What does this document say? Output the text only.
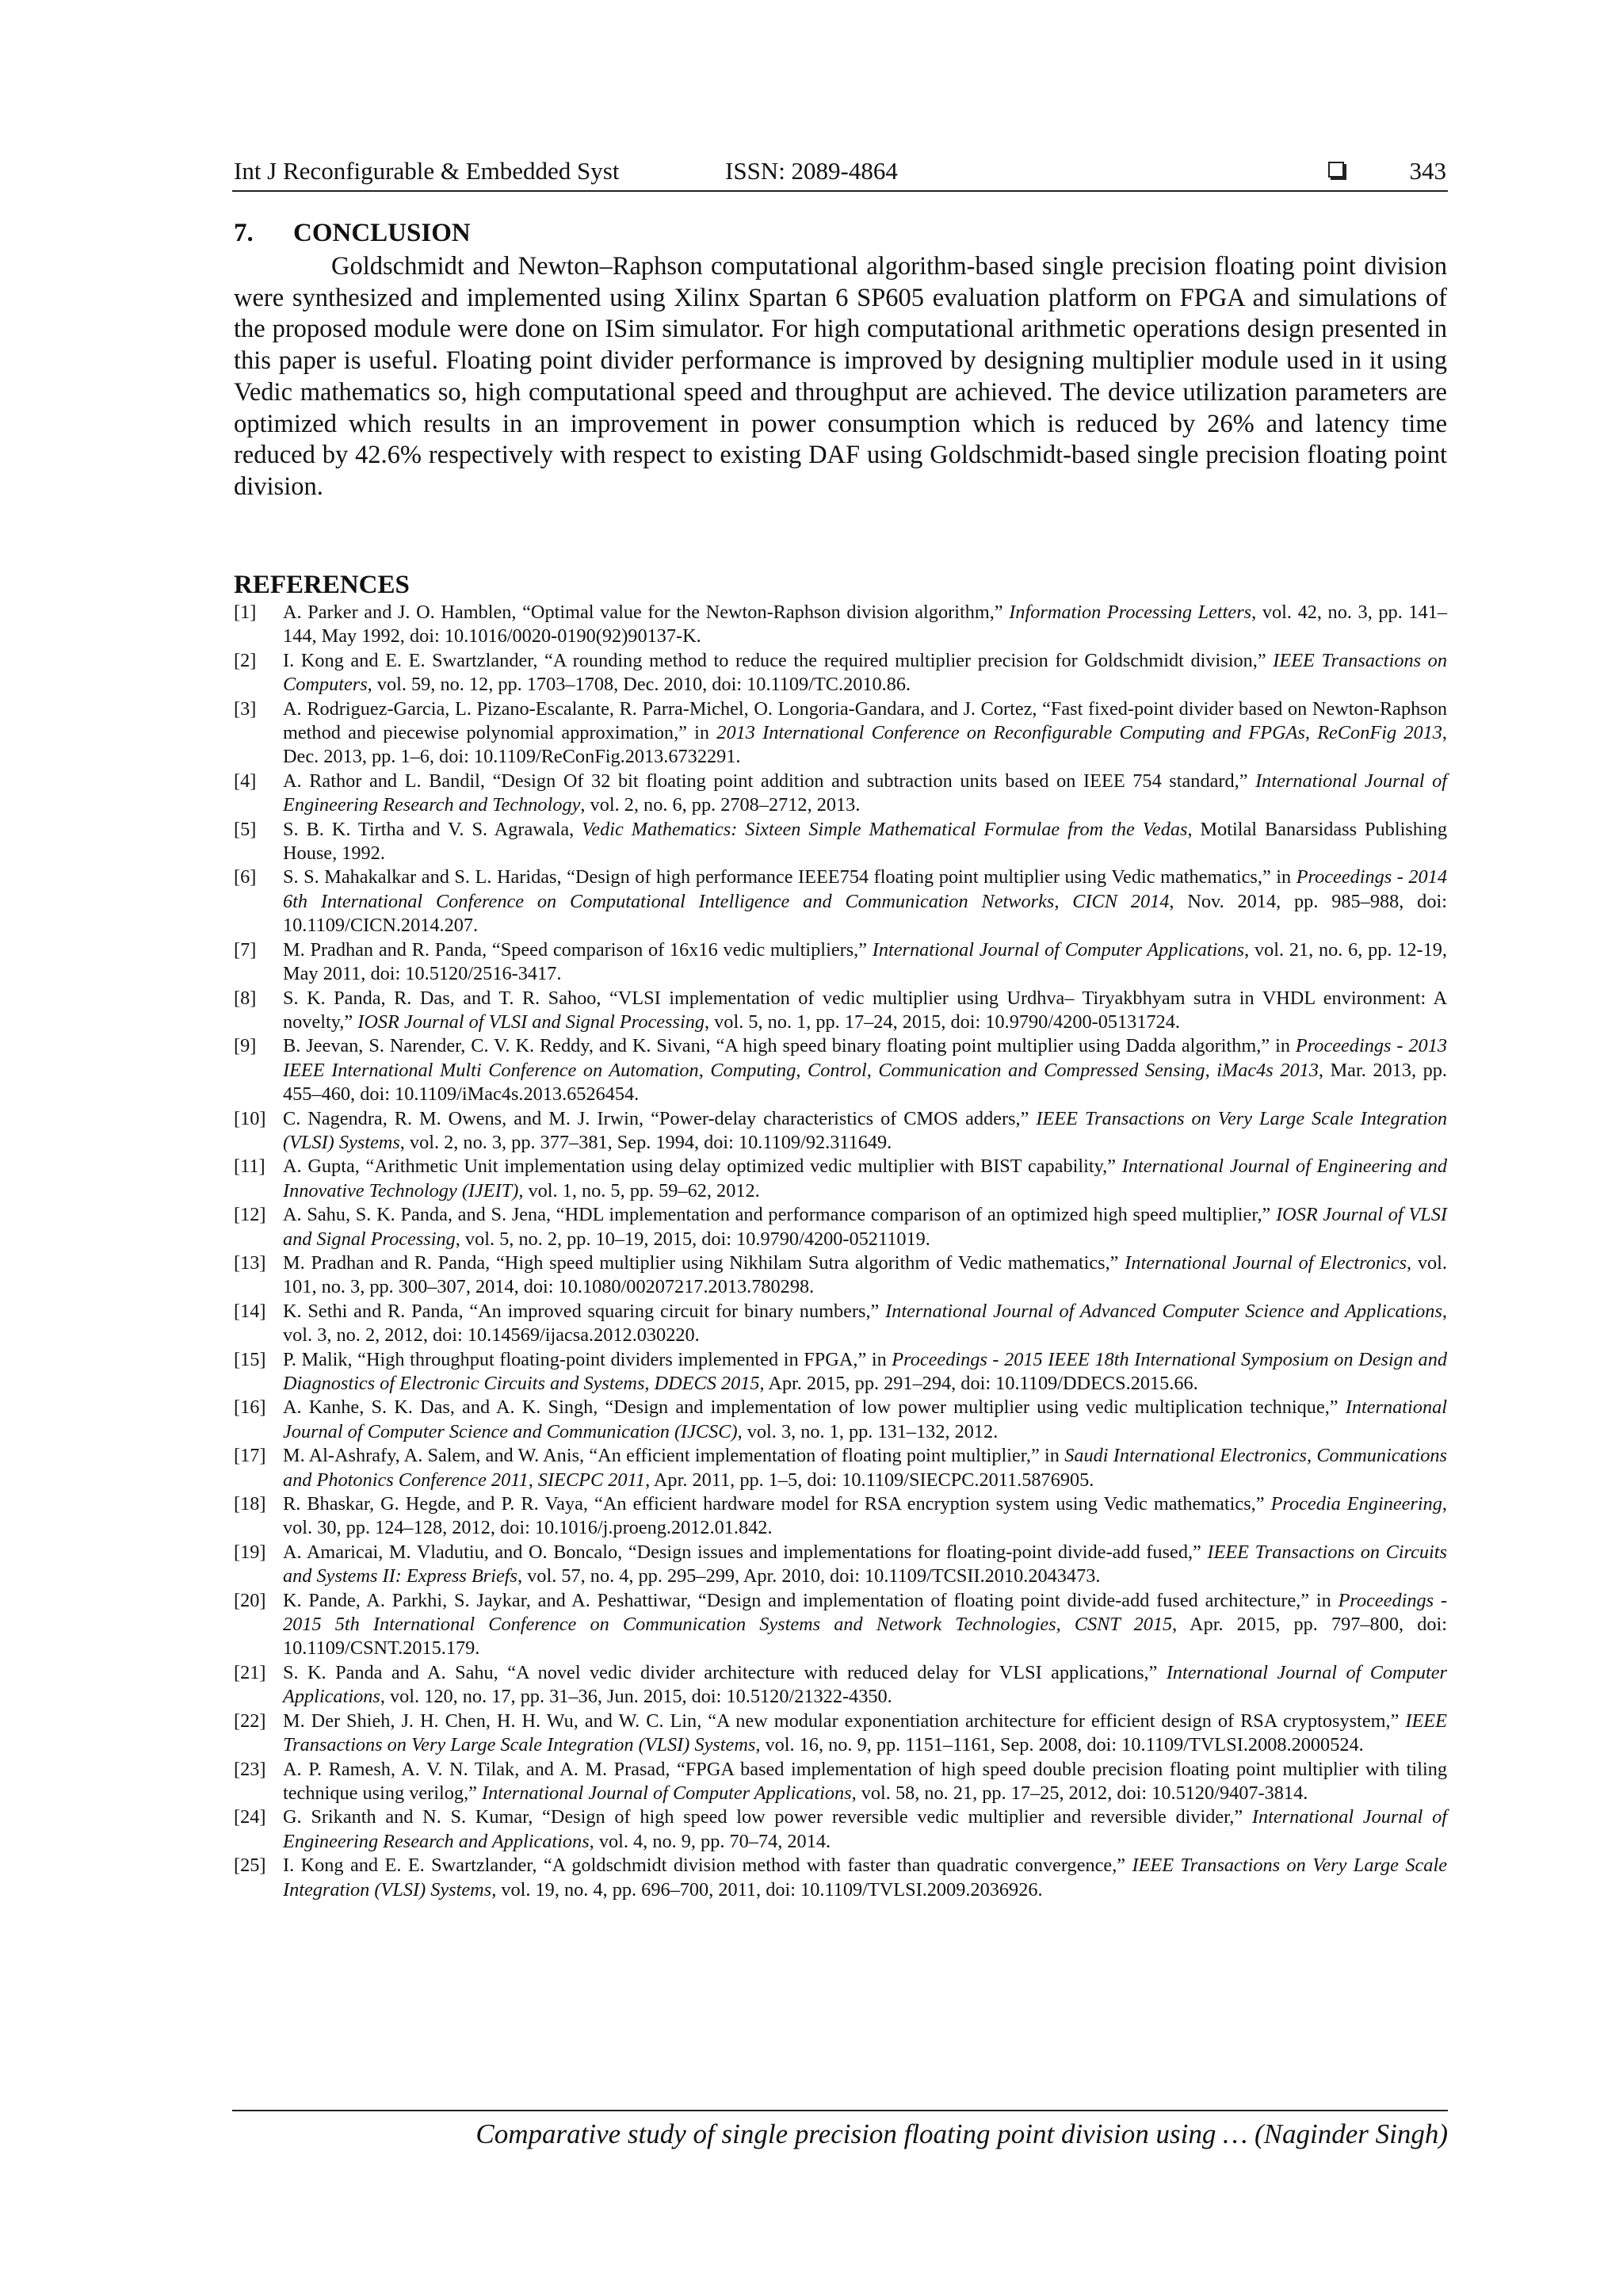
Int J Reconfigurable & Embedded Syst	ISSN: 2089-4864	343
7. CONCLUSION

Goldschmidt and Newton–Raphson computational algorithm-based single precision floating point division were synthesized and implemented using Xilinx Spartan 6 SP605 evaluation platform on FPGA and simulations of the proposed module were done on ISim simulator. For high computational arithmetic operations design presented in this paper is useful. Floating point divider performance is improved by designing multiplier module used in it using Vedic mathematics so, high computational speed and throughput are achieved. The device utilization parameters are optimized which results in an improvement in power consumption which is reduced by 26% and latency time reduced by 42.6% respectively with respect to existing DAF using Goldschmidt-based single precision floating point division.

REFERENCES
[1] A. Parker and J. O. Hamblen, “Optimal value for the Newton-Raphson division algorithm,” Information Processing Letters, vol. 42, no. 3, pp. 141–144, May 1992, doi: 10.1016/0020-0190(92)90137-K.
[2] I. Kong and E. E. Swartzlander, “A rounding method to reduce the required multiplier precision for Goldschmidt division,” IEEE Transactions on Computers, vol. 59, no. 12, pp. 1703–1708, Dec. 2010, doi: 10.1109/TC.2010.86.
[3] A. Rodriguez-Garcia, L. Pizano-Escalante, R. Parra-Michel, O. Longoria-Gandara, and J. Cortez, “Fast fixed-point divider based on Newton-Raphson method and piecewise polynomial approximation,” in 2013 International Conference on Reconfigurable Computing and FPGAs, ReConFig 2013, Dec. 2013, pp. 1–6, doi: 10.1109/ReConFig.2013.6732291.
[4] A. Rathor and L. Bandil, “Design Of 32 bit floating point addition and subtraction units based on IEEE 754 standard,” International Journal of Engineering Research and Technology, vol. 2, no. 6, pp. 2708–2712, 2013.
[5] S. B. K. Tirtha and V. S. Agrawala, Vedic Mathematics: Sixteen Simple Mathematical Formulae from the Vedas, Motilal Banarsidass Publishing House, 1992.
[6] S. S. Mahakalkar and S. L. Haridas, “Design of high performance IEEE754 floating point multiplier using Vedic mathematics,” in Proceedings - 2014 6th International Conference on Computational Intelligence and Communication Networks, CICN 2014, Nov. 2014, pp. 985–988, doi: 10.1109/CICN.2014.207.
[7] M. Pradhan and R. Panda, “Speed comparison of 16x16 vedic multipliers,” International Journal of Computer Applications, vol. 21, no. 6, pp. 12-19, May 2011, doi: 10.5120/2516-3417.
[8] S. K. Panda, R. Das, and T. R. Sahoo, “VLSI implementation of vedic multiplier using Urdhva– Tiryakbhyam sutra in VHDL environment: A novelty,” IOSR Journal of VLSI and Signal Processing, vol. 5, no. 1, pp. 17–24, 2015, doi: 10.9790/4200-05131724.
[9] B. Jeevan, S. Narender, C. V. K. Reddy, and K. Sivani, “A high speed binary floating point multiplier using Dadda algorithm,” in Proceedings - 2013 IEEE International Multi Conference on Automation, Computing, Control, Communication and Compressed Sensing, iMac4s 2013, Mar. 2013, pp. 455–460, doi: 10.1109/iMac4s.2013.6526454.
[10] C. Nagendra, R. M. Owens, and M. J. Irwin, “Power-delay characteristics of CMOS adders,” IEEE Transactions on Very Large Scale Integration (VLSI) Systems, vol. 2, no. 3, pp. 377–381, Sep. 1994, doi: 10.1109/92.311649.
[11] A. Gupta, “Arithmetic Unit implementation using delay optimized vedic multiplier with BIST capability,” International Journal of Engineering and Innovative Technology (IJEIT), vol. 1, no. 5, pp. 59–62, 2012.
[12] A. Sahu, S. K. Panda, and S. Jena, “HDL implementation and performance comparison of an optimized high speed multiplier,” IOSR Journal of VLSI and Signal Processing, vol. 5, no. 2, pp. 10–19, 2015, doi: 10.9790/4200-05211019.
[13] M. Pradhan and R. Panda, “High speed multiplier using Nikhilam Sutra algorithm of Vedic mathematics,” International Journal of Electronics, vol. 101, no. 3, pp. 300–307, 2014, doi: 10.1080/00207217.2013.780298.
[14] K. Sethi and R. Panda, “An improved squaring circuit for binary numbers,” International Journal of Advanced Computer Science and Applications, vol. 3, no. 2, 2012, doi: 10.14569/ijacsa.2012.030220.
[15] P. Malik, “High throughput floating-point dividers implemented in FPGA,” in Proceedings - 2015 IEEE 18th International Symposium on Design and Diagnostics of Electronic Circuits and Systems, DDECS 2015, Apr. 2015, pp. 291–294, doi: 10.1109/DDECS.2015.66.
[16] A. Kanhe, S. K. Das, and A. K. Singh, “Design and implementation of low power multiplier using vedic multiplication technique,” International Journal of Computer Science and Communication (IJCSC), vol. 3, no. 1, pp. 131–132, 2012.
[17] M. Al-Ashrafy, A. Salem, and W. Anis, “An efficient implementation of floating point multiplier,” in Saudi International Electronics, Communications and Photonics Conference 2011, SIECPC 2011, Apr. 2011, pp. 1–5, doi: 10.1109/SIECPC.2011.5876905.
[18] R. Bhaskar, G. Hegde, and P. R. Vaya, “An efficient hardware model for RSA encryption system using Vedic mathematics,” Procedia Engineering, vol. 30, pp. 124–128, 2012, doi: 10.1016/j.proeng.2012.01.842.
[19] A. Amaricai, M. Vladutiu, and O. Boncalo, “Design issues and implementations for floating-point divide-add fused,” IEEE Transactions on Circuits and Systems II: Express Briefs, vol. 57, no. 4, pp. 295–299, Apr. 2010, doi: 10.1109/TCSII.2010.2043473.
[20] K. Pande, A. Parkhi, S. Jaykar, and A. Peshattiwar, “Design and implementation of floating point divide-add fused architecture,” in Proceedings - 2015 5th International Conference on Communication Systems and Network Technologies, CSNT 2015, Apr. 2015, pp. 797–800, doi: 10.1109/CSNT.2015.179.
[21] S. K. Panda and A. Sahu, “A novel vedic divider architecture with reduced delay for VLSI applications,” International Journal of Computer Applications, vol. 120, no. 17, pp. 31–36, Jun. 2015, doi: 10.5120/21322-4350.
[22] M. Der Shieh, J. H. Chen, H. H. Wu, and W. C. Lin, “A new modular exponentiation architecture for efficient design of RSA cryptosystem,” IEEE Transactions on Very Large Scale Integration (VLSI) Systems, vol. 16, no. 9, pp. 1151–1161, Sep. 2008, doi: 10.1109/TVLSI.2008.2000524.
[23] A. P. Ramesh, A. V. N. Tilak, and A. M. Prasad, “FPGA based implementation of high speed double precision floating point multiplier with tiling technique using verilog,” International Journal of Computer Applications, vol. 58, no. 21, pp. 17–25, 2012, doi: 10.5120/9407-3814.
[24] G. Srikanth and N. S. Kumar, “Design of high speed low power reversible vedic multiplier and reversible divider,” International Journal of Engineering Research and Applications, vol. 4, no. 9, pp. 70–74, 2014.
[25] I. Kong and E. E. Swartzlander, “A goldschmidt division method with faster than quadratic convergence,” IEEE Transactions on Very Large Scale Integration (VLSI) Systems, vol. 19, no. 4, pp. 696–700, 2011, doi: 10.1109/TVLSI.2009.2036926.
Comparative study of single precision floating point division using … (Naginder Singh)
